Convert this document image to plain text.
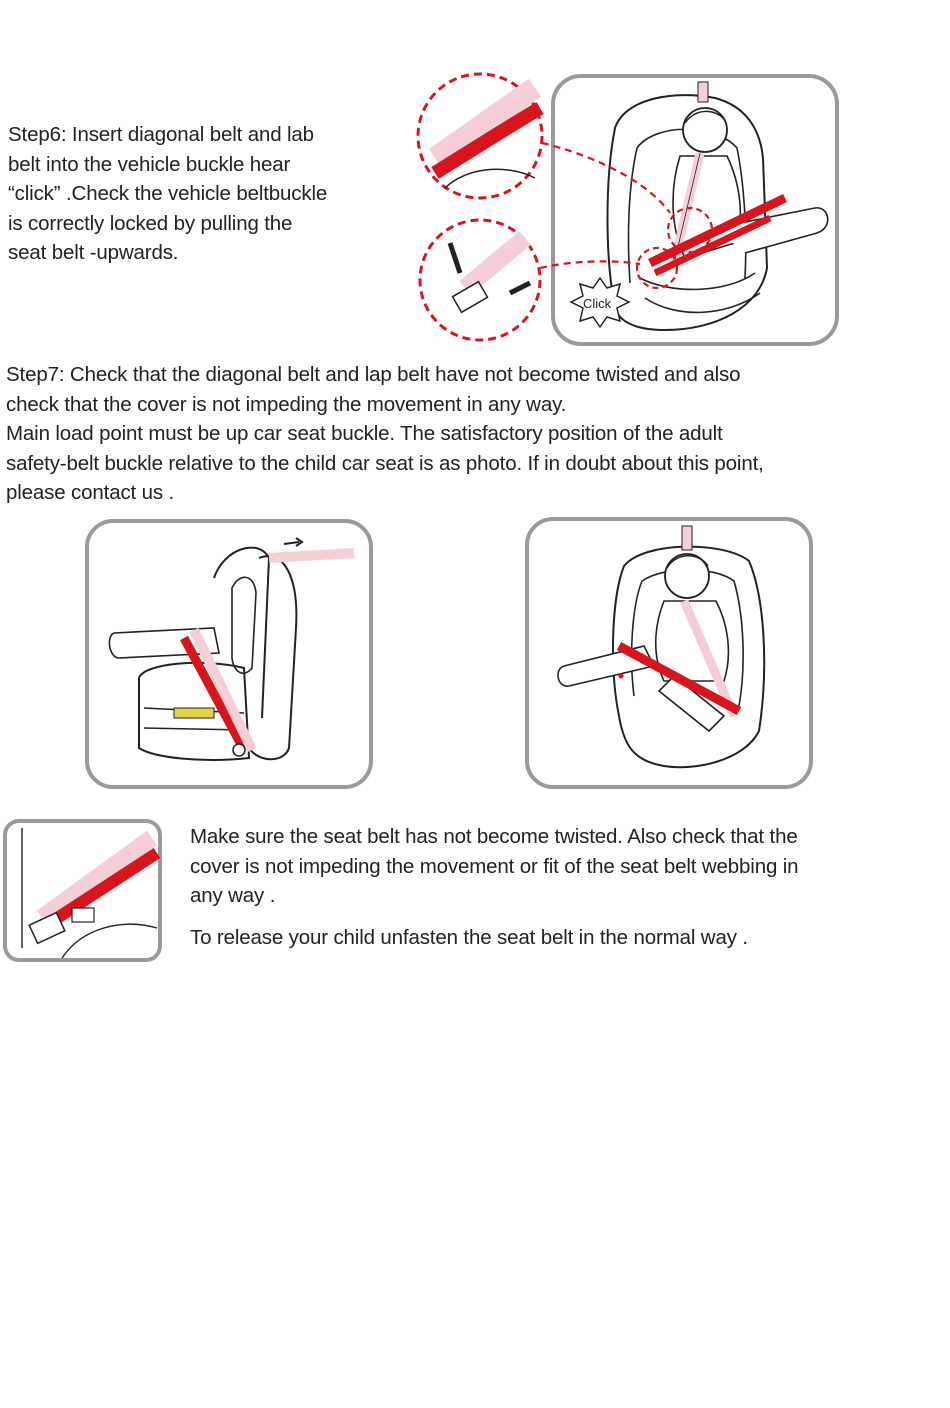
Step6: Insert diagonal belt and lab
belt into the vehicle buckle hear
“click” .Check the vehicle beltbuckle
is correctly locked by pulling the
seat belt -upwards.
Click
Step7: Check that the diagonal belt and lap belt have not become twisted and also
check that the cover is not impeding the movement in any way.
Main load point must be up car seat buckle. The satisfactory position of the adult
safety-belt buckle relative to the child car seat is as photo. If in doubt about this point,
please contact us .
Make sure the seat belt has not become twisted. Also check that the
cover is not impeding the movement or fit of the seat belt webbing in
any way .
To release your child unfasten the seat belt in the normal way .
